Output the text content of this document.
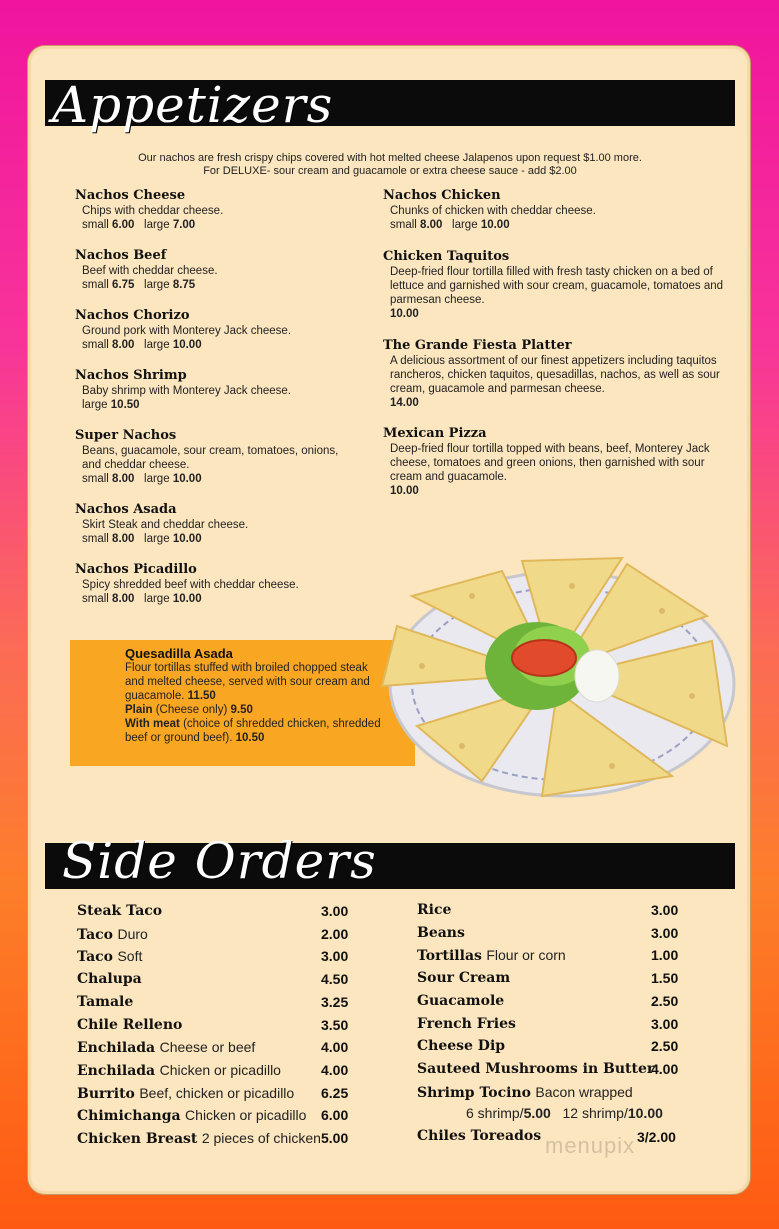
Appetizers
Our nachos are fresh crispy chips covered with hot melted cheese Jalapenos upon request $1.00 more.
For DELUXE- sour cream and guacamole or extra cheese sauce - add $2.00
Nachos Cheese
Chips with cheddar cheese.
small 6.00 large 7.00
Nachos Beef
Beef with cheddar cheese.
small 6.75 large 8.75
Nachos Chorizo
Ground pork with Monterey Jack cheese.
small 8.00 large 10.00
Nachos Shrimp
Baby shrimp with Monterey Jack cheese.
large 10.50
Super Nachos
Beans, guacamole, sour cream, tomatoes, onions, and cheddar cheese.
small 8.00 large 10.00
Nachos Asada
Skirt Steak and cheddar cheese.
small 8.00 large 10.00
Nachos Picadillo
Spicy shredded beef with cheddar cheese.
small 8.00 large 10.00
Nachos Chicken
Chunks of chicken with cheddar cheese.
small 8.00 large 10.00
Chicken Taquitos
Deep-fried flour tortilla filled with fresh tasty chicken on a bed of lettuce and garnished with sour cream, guacamole, tomatoes and parmesan cheese.
10.00
The Grande Fiesta Platter
A delicious assortment of our finest appetizers including taquitos rancheros, chicken taquitos, quesadillas, nachos, as well as sour cream, guacamole and parmesan cheese.
14.00
Mexican Pizza
Deep-fried flour tortilla topped with beans, beef, Monterey Jack cheese, tomatoes and green onions, then garnished with sour cream and guacamole.
10.00
Quesadilla Asada
Flour tortillas stuffed with broiled chopped steak and melted cheese, served with sour cream and guacamole. 11.50
Plain (Cheese only) 9.50
With meat (choice of shredded chicken, shredded beef or ground beef). 10.50
Side Orders
Steak Taco	3.00
Taco Duro	2.00
Taco Soft	3.00
Chalupa	4.50
Tamale	3.25
Chile Relleno	3.50
Enchilada Cheese or beef	4.00
Enchilada Chicken or picadillo	4.00
Burrito Beef, chicken or picadillo 6.25
Chimichanga Chicken or picadillo 6.00
Chicken Breast 2 pieces of chicken 5.00
Rice	3.00
Beans	3.00
Tortillas Flour or corn	1.00
Sour Cream	1.50
Guacamole	2.50
French Fries	3.00
Cheese Dip	2.50
Sauteed Mushrooms in Butter
4.00
Shrimp Tocino Bacon wrapped
6 shrimp/5.00 12 shrimp/10.00
Chiles Toreados	3/2.00
menupix
